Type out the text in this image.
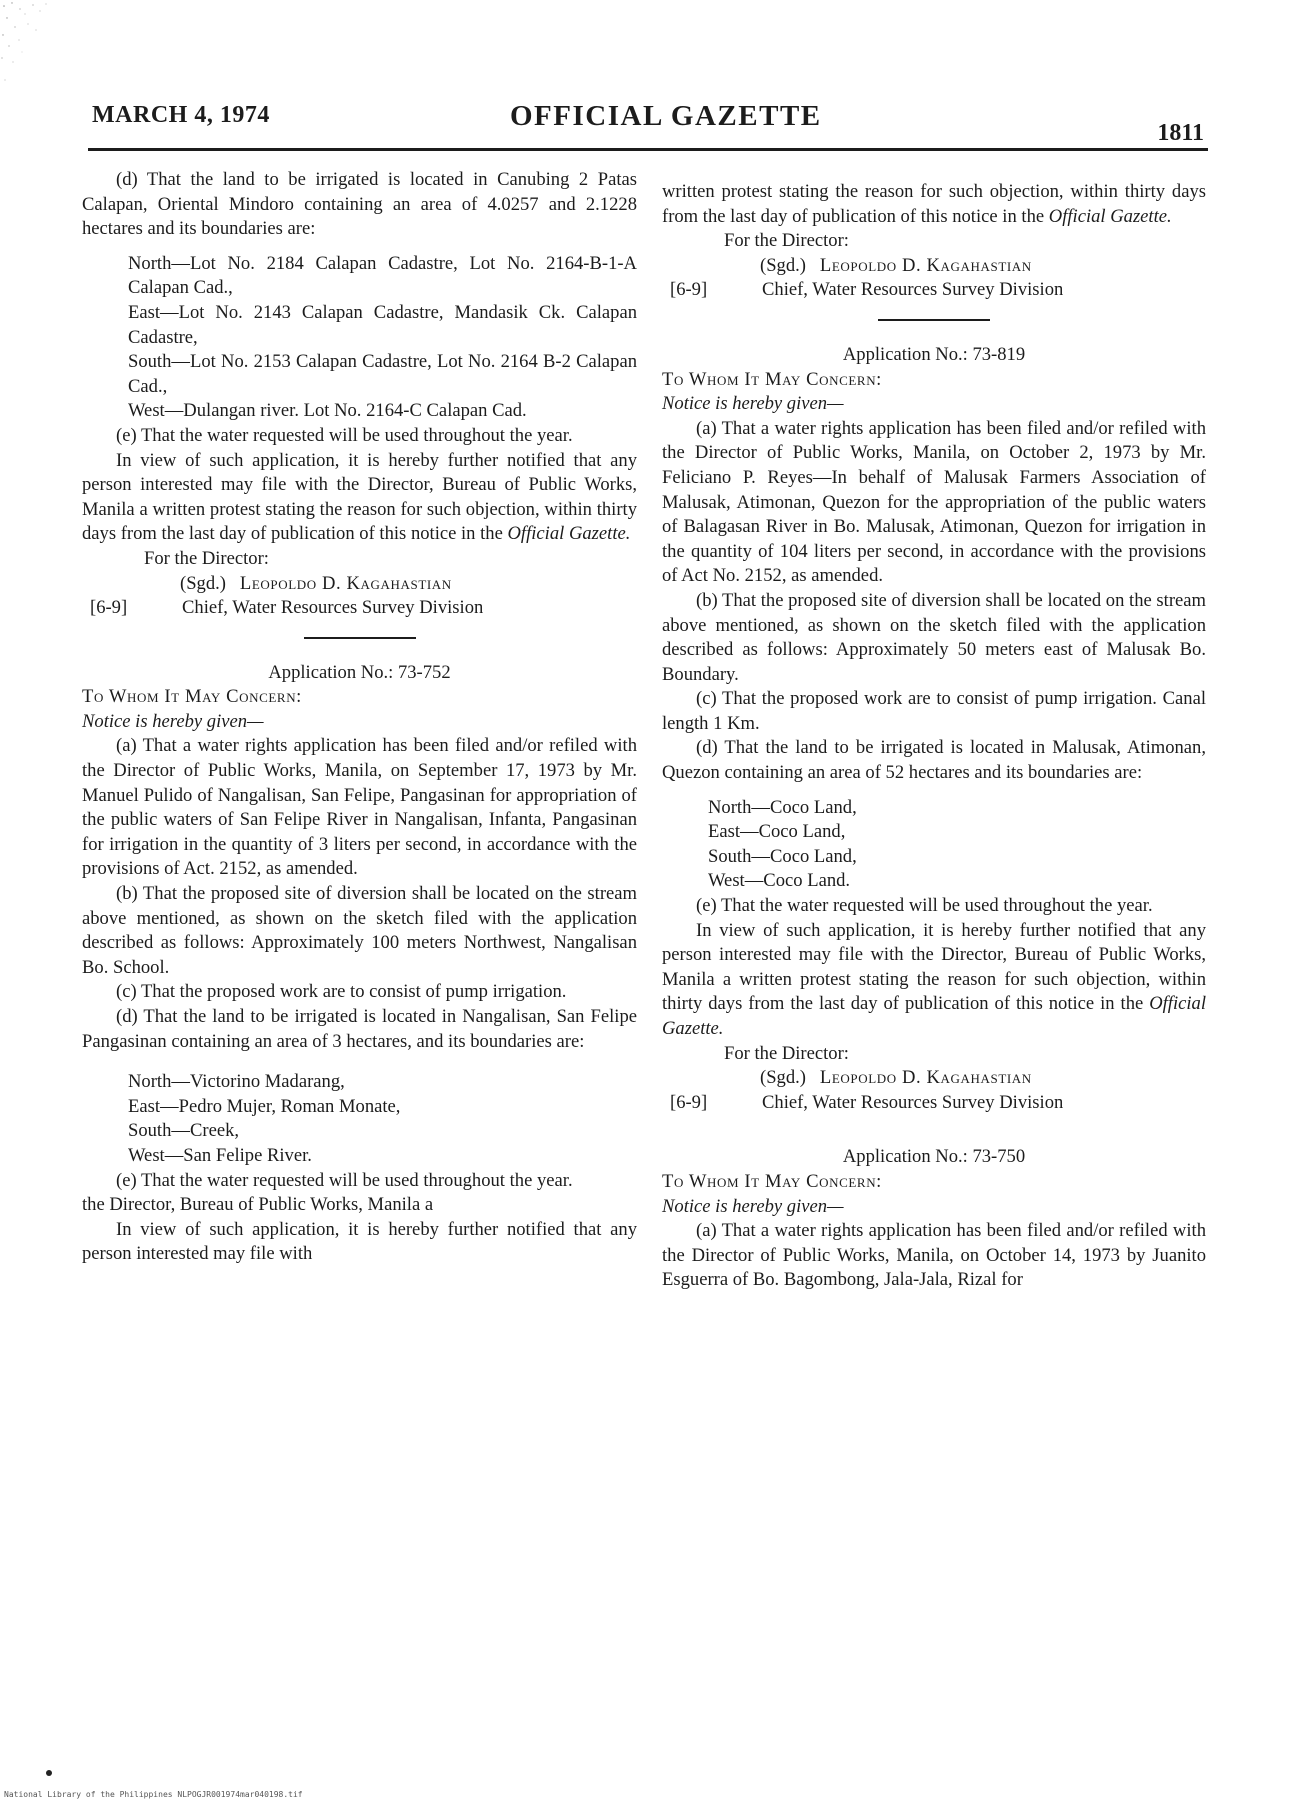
MARCH 4, 1974	OFFICIAL GAZETTE
1811

(d) That the land to be irrigated is located in Canubing 2 Patas Calapan, Oriental Mindoro containing an area of 4.0257 and 2.1228 hectares and its boundaries are:

North—Lot No. 2184 Calapan Cadastre, Lot No. 2164-B-1-A Calapan Cad.,

East—Lot No. 2143 Calapan Cadastre, Mandasik Ck. Calapan Cadastre,

South—Lot No. 2153 Calapan Cadastre, Lot No. 2164 B-2 Calapan Cad.,

West—Dulangan river. Lot No. 2164-C Calapan Cad.

(e) That the water requested will be used throughout the year.

In view of such application, it is hereby further notified that any person interested may file with the Director, Bureau of Public Works, Manila a written protest stating the reason for such objection, within thirty days from the last day of publication of this notice in the Official Gazette.

For the Director:

(Sgd.) Leopoldo D. Kagahastian

[6-9]	Chief, Water Resources Survey Division

Application No.: 73-752

To Whom It May Concern:

Notice is hereby given—

(a) That a water rights application has been filed and/or refiled with the Director of Public Works, Manila, on September 17, 1973 by Mr. Manuel Pulido of Nangalisan, San Felipe, Pangasinan for appropriation of the public waters of San Felipe River in Nangalisan, Infanta, Pangasinan for irrigation in the quantity of 3 liters per second, in accordance with the provisions of Act. 2152, as amended.

(b) That the proposed site of diversion shall be located on the stream above mentioned, as shown on the sketch filed with the application described as follows: Approximately 100 meters Northwest, Nangalisan Bo. School.

(c) That the proposed work are to consist of pump irrigation.

(d) That the land to be irrigated is located in Nangalisan, San Felipe Pangasinan containing an area of 3 hectares, and its boundaries are:

North—Victorino Madarang,

East—Pedro Mujer, Roman Monate,

South—Creek,

West—San Felipe River.

(e) That the water requested will be used throughout the year.

the Director, Bureau of Public Works, Manila a

In view of such application, it is hereby further notified that any person interested may file with

written protest stating the reason for such objection, within thirty days from the last day of publication of this notice in the Official Gazette.

For the Director:

(Sgd.) Leopoldo D. Kagahastian

[6-9]	Chief, Water Resources Survey Division

Application No.: 73-819

To Whom It May Concern:

Notice is hereby given—

(a) That a water rights application has been filed and/or refiled with the Director of Public Works, Manila, on October 2, 1973 by Mr. Feliciano P. Reyes—In behalf of Malusak Farmers Association of Malusak, Atimonan, Quezon for the appropriation of the public waters of Balagasan River in Bo. Malusak, Atimonan, Quezon for irrigation in the quantity of 104 liters per second, in accordance with the provisions of Act No. 2152, as amended.

(b) That the proposed site of diversion shall be located on the stream above mentioned, as shown on the sketch filed with the application described as follows: Approximately 50 meters east of Malusak Bo. Boundary.

(c) That the proposed work are to consist of pump irrigation. Canal length 1 Km.

(d) That the land to be irrigated is located in Malusak, Atimonan, Quezon containing an area of 52 hectares and its boundaries are:

North—Coco Land,

East—Coco Land,

South—Coco Land,

West—Coco Land.

(e) That the water requested will be used throughout the year.

In view of such application, it is hereby further notified that any person interested may file with the Director, Bureau of Public Works, Manila a written protest stating the reason for such objection, within thirty days from the last day of publication of this notice in the Official Gazette.

For the Director:

(Sgd.) Leopoldo D. Kagahastian

[6-9]	Chief, Water Resources Survey Division

Application No.: 73-750

To Whom It May Concern:

Notice is hereby given—

(a) That a water rights application has been filed and/or refiled with the Director of Public Works, Manila, on October 14, 1973 by Juanito Esguerra of Bo. Bagombong, Jala-Jala, Rizal for

National Library of the Philippines NLPOGJR001974mar040198.tif
